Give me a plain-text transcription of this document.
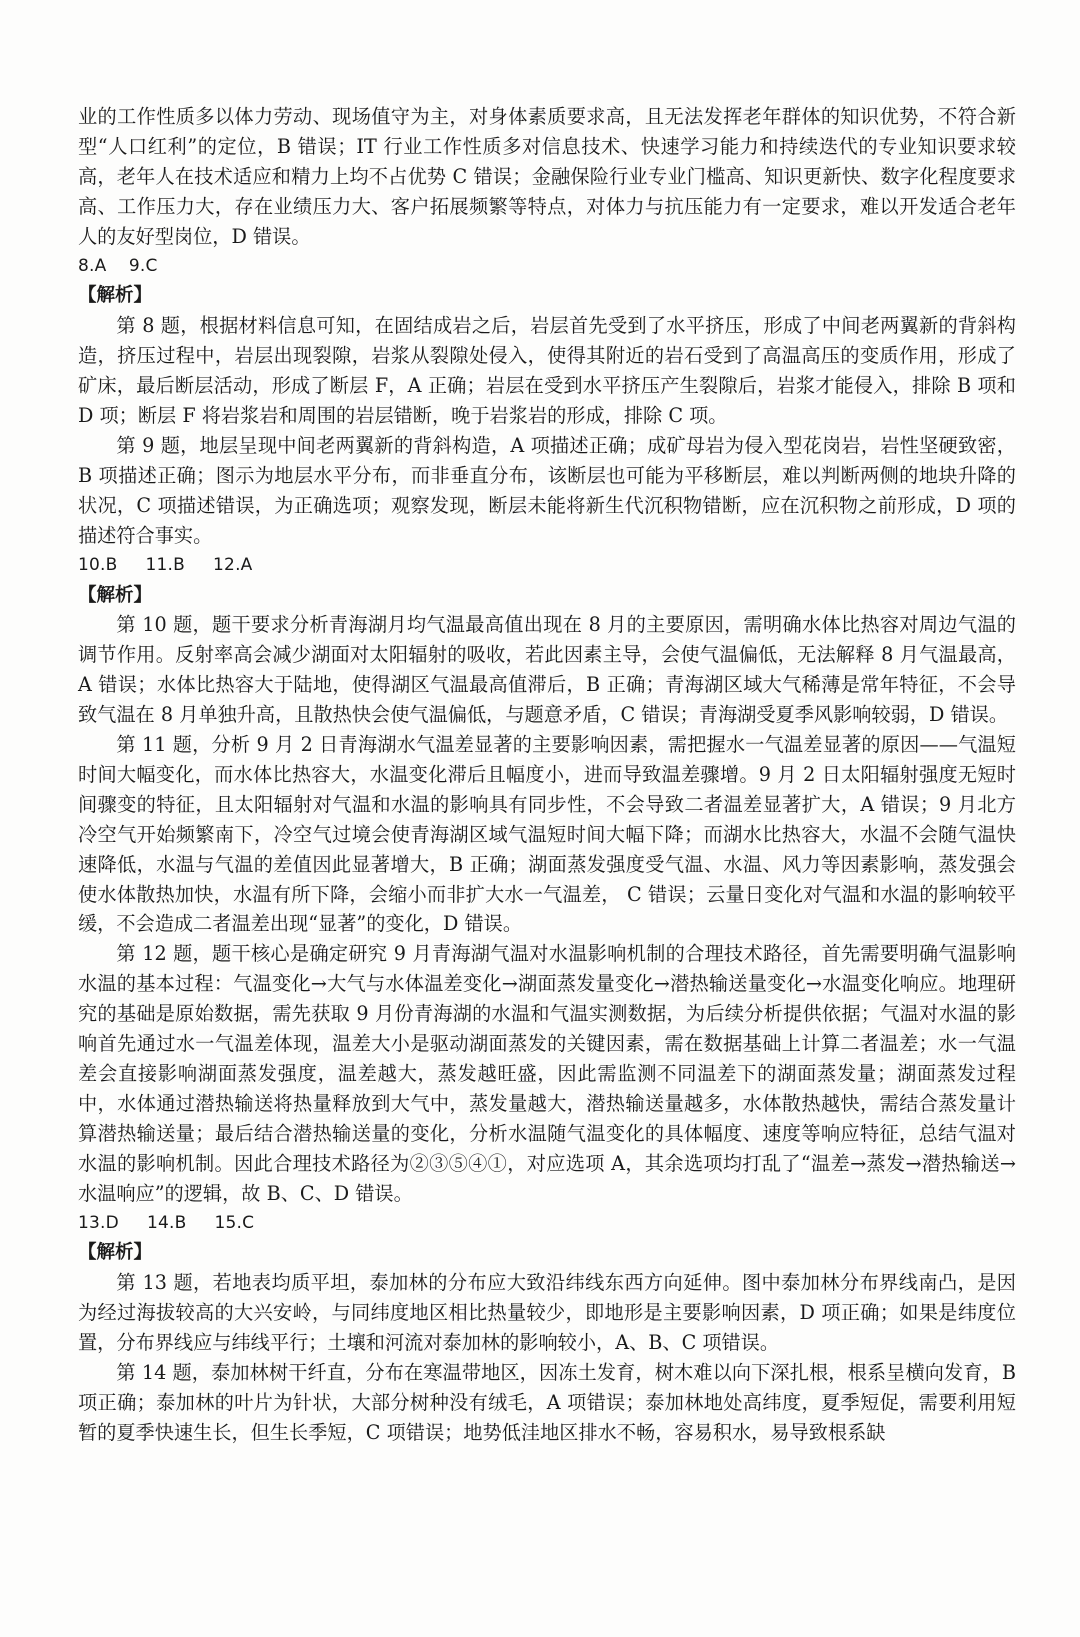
业的工作性质多以体力劳动、现场值守为主，对身体素质要求高，且无法发挥老年群体的知识优势，不符合新型“人口红利”的定位，B 错误；IT 行业工作性质多对信息技术、快速学习能力和持续迭代的专业知识要求较高，老年人在技术适应和精力上均不占优势 C 错误；金融保险行业专业门槛高、知识更新快、数字化程度要求高、工作压力大，存在业绩压力大、客户拓展频繁等特点，对体力与抗压能力有一定要求，难以开发适合老年人的友好型岗位，D 错误。

8.A    9.C

【解析】

第 8 题，根据材料信息可知，在固结成岩之后，岩层首先受到了水平挤压，形成了中间老两翼新的背斜构造，挤压过程中，岩层出现裂隙，岩浆从裂隙处侵入，使得其附近的岩石受到了高温高压的变质作用，形成了矿床，最后断层活动，形成了断层 F，A 正确；岩层在受到水平挤压产生裂隙后，岩浆才能侵入，排除 B 项和 D 项；断层 F 将岩浆岩和周围的岩层错断，晚于岩浆岩的形成，排除 C 项。

第 9 题，地层呈现中间老两翼新的背斜构造，A 项描述正确；成矿母岩为侵入型花岗岩，岩性坚硬致密，B 项描述正确；图示为地层水平分布，而非垂直分布，该断层也可能为平移断层，难以判断两侧的地块升降的状况，C 项描述错误，为正确选项；观察发现，断层未能将新生代沉积物错断，应在沉积物之前形成，D 项的描述符合事实。

10.B     11.B     12.A

【解析】

第 10 题，题干要求分析青海湖月均气温最高值出现在 8 月的主要原因，需明确水体比热容对周边气温的调节作用。反射率高会减少湖面对太阳辐射的吸收，若此因素主导，会使气温偏低，无法解释 8 月气温最高， A 错误；水体比热容大于陆地，使得湖区气温最高值滞后，B 正确；青海湖区域大气稀薄是常年特征，不会导致气温在 8 月单独升高，且散热快会使气温偏低，与题意矛盾，C 错误；青海湖受夏季风影响较弱，D 错误。

第 11 题，分析 9 月 2 日青海湖水气温差显著的主要影响因素，需把握水一气温差显著的原因——气温短时间大幅变化，而水体比热容大，水温变化滞后且幅度小，进而导致温差骤增。9 月 2 日太阳辐射强度无短时间骤变的特征，且太阳辐射对气温和水温的影响具有同步性，不会导致二者温差显著扩大，A 错误；9 月北方冷空气开始频繁南下，冷空气过境会使青海湖区域气温短时间大幅下降；而湖水比热容大，水温不会随气温快速降低，水温与气温的差值因此显著增大，B 正确；湖面蒸发强度受气温、水温、风力等因素影响，蒸发强会使水体散热加快，水温有所下降，会缩小而非扩大水一气温差， C 错误；云量日变化对气温和水温的影响较平缓，不会造成二者温差出现“显著”的变化，D 错误。

第 12 题，题干核心是确定研究 9 月青海湖气温对水温影响机制的合理技术路径，首先需要明确气温影响水温的基本过程：气温变化→大气与水体温差变化→湖面蒸发量变化→潜热输送量变化→水温变化响应。地理研究的基础是原始数据，需先获取 9 月份青海湖的水温和气温实测数据，为后续分析提供依据；气温对水温的影响首先通过水一气温差体现，温差大小是驱动湖面蒸发的关键因素，需在数据基础上计算二者温差；水一气温差会直接影响湖面蒸发强度，温差越大，蒸发越旺盛，因此需监测不同温差下的湖面蒸发量；湖面蒸发过程中，水体通过潜热输送将热量释放到大气中，蒸发量越大，潜热输送量越多，水体散热越快，需结合蒸发量计算潜热输送量；最后结合潜热输送量的变化，分析水温随气温变化的具体幅度、速度等响应特征，总结气温对水温的影响机制。因此合理技术路径为②③⑤④①，对应选项 A，其余选项均打乱了“温差→蒸发→潜热输送→水温响应”的逻辑，故 B、C、D 错误。

13.D     14.B     15.C

【解析】

第 13 题，若地表均质平坦，泰加林的分布应大致沿纬线东西方向延伸。图中泰加林分布界线南凸，是因为经过海拔较高的大兴安岭，与同纬度地区相比热量较少，即地形是主要影响因素，D 项正确；如果是纬度位置，分布界线应与纬线平行；土壤和河流对泰加林的影响较小，A、B、C 项错误。

第 14 题，泰加林树干纤直，分布在寒温带地区，因冻土发育，树木难以向下深扎根，根系呈横向发育，B 项正确；泰加林的叶片为针状，大部分树种没有绒毛，A 项错误；泰加林地处高纬度，夏季短促，需要利用短暂的夏季快速生长，但生长季短，C 项错误；地势低洼地区排水不畅，容易积水，易导致根系缺
